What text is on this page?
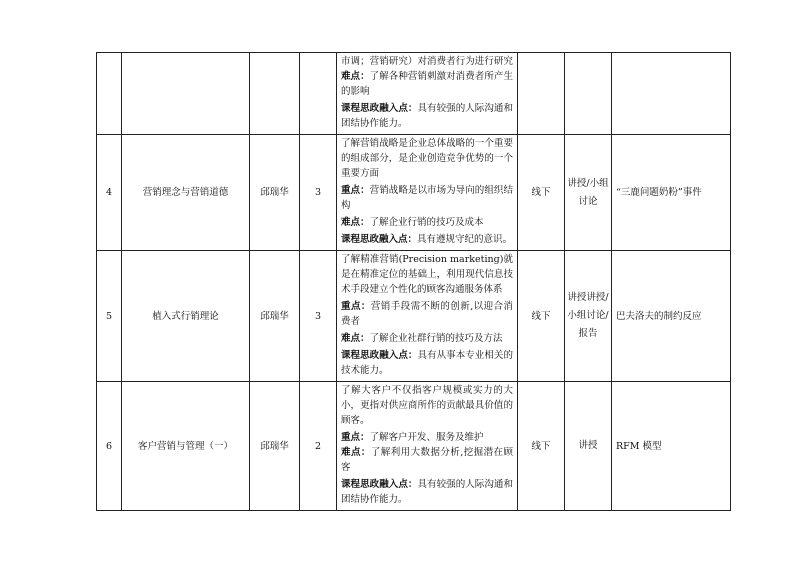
				市调；营销研究）对消费者行为进行研究难点：了解各种营销刺激对消费者所产生的影响
课程思政融入点：具有较强的人际沟通和团结协作能力。			

4	营销理念与营销道德	邱瑞华	3	了解营销战略是企业总体战略的一个重要的组成部分，是企业创造竞争优势的一个重要方面
重点：营销战略是以市场为导向的组织结构
难点：了解企业行销的技巧及成本
课程思政融入点：具有遵规守纪的意识。	线下	讲授/小组讨论	“三鹿问题奶粉”事件
5	植入式行销理论	邱瑞华	3	了解精准营销(Precision marketing)就是在精准定位的基础上，利用现代信息技术手段建立个性化的顾客沟通服务体系
重点：营销手段需不断的创新,以迎合消费者
难点：了解企业社群行销的技巧及方法
课程思政融入点：具有从事本专业相关的技术能力。	线下	讲授讲授/小组讨论/报告	巴夫洛夫的制约反应
6	客户营销与管理（一）	邱瑞华	2	了解大客户不仅指客户规模或实力的大小，更指对供应商所作的贡献最具价值的顾客。
重点：了解客户开发、服务及维护
难点：了解利用大数据分析,挖掘潜在顾客
课程思政融入点：具有较强的人际沟通和团结协作能力。	线下	讲授	RFM 模型
